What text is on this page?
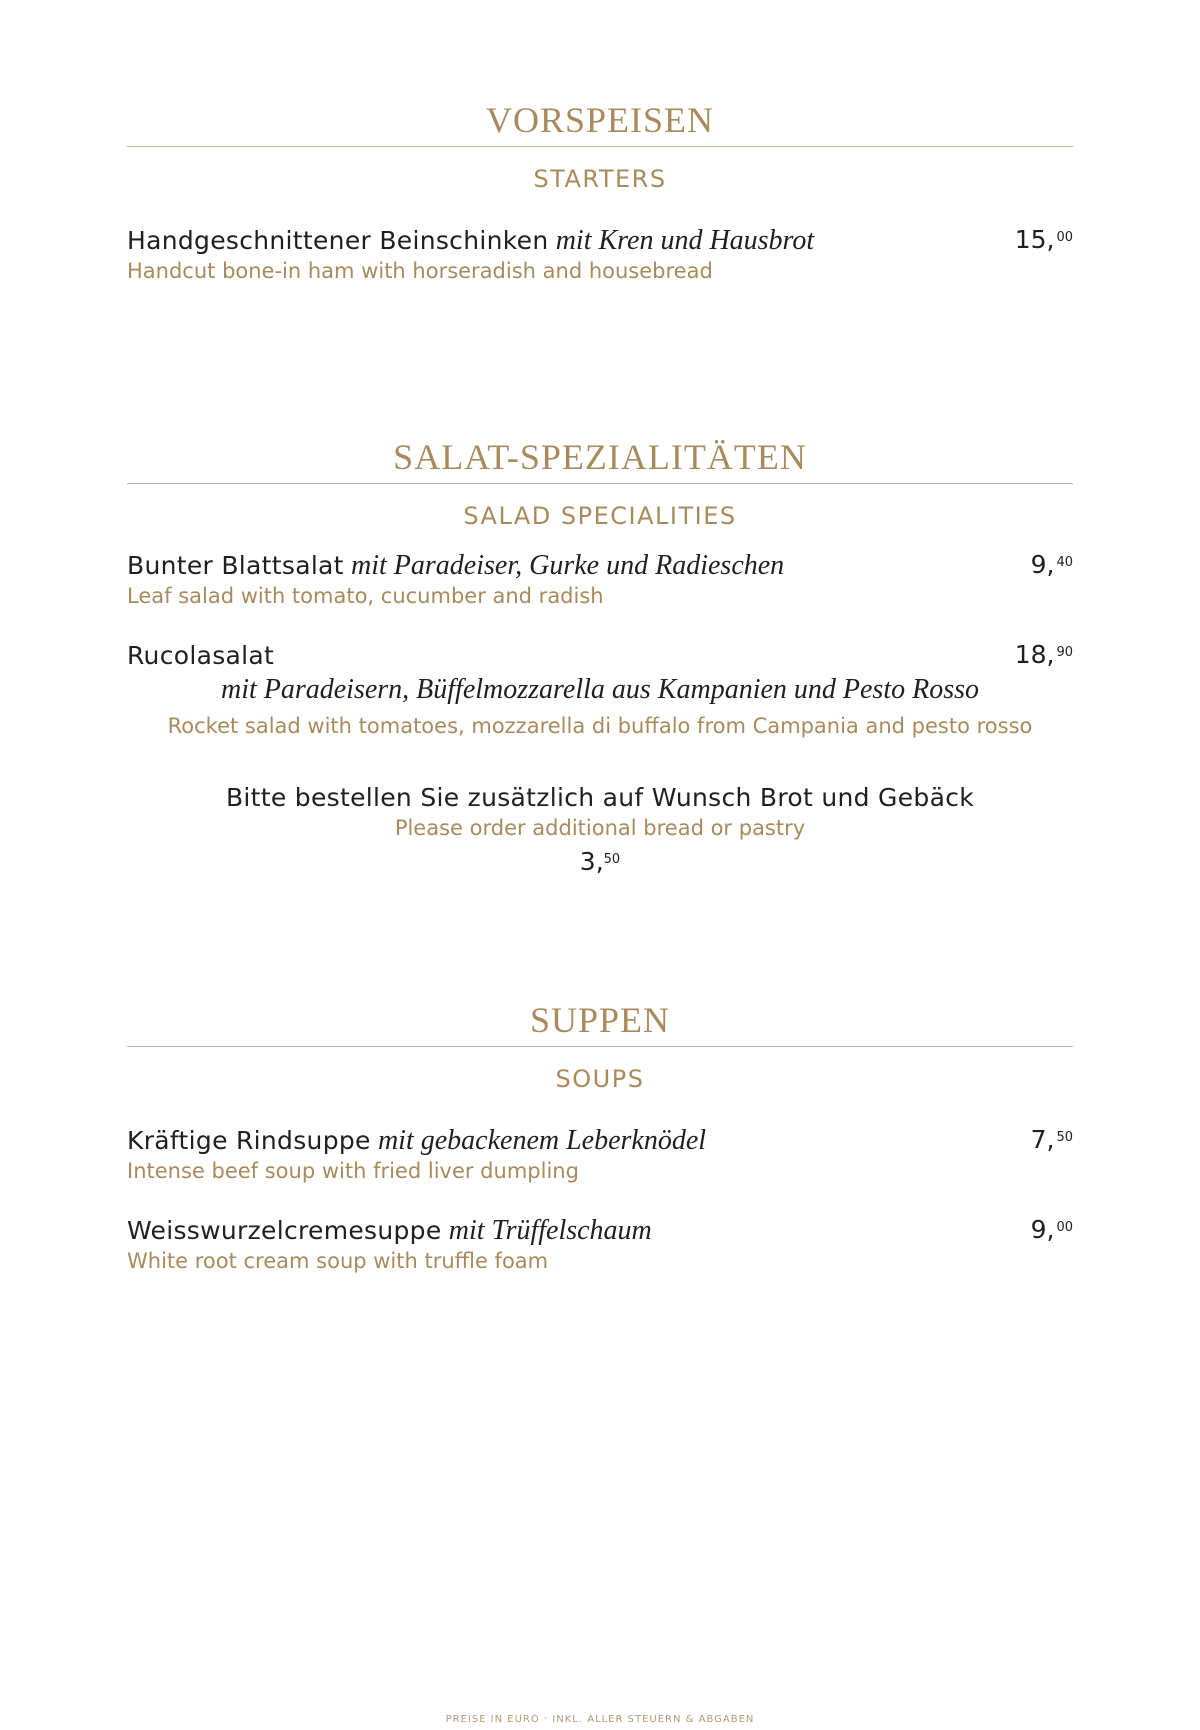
VORSPEISEN
STARTERS
Handgeschnittener Beinschinken mit Kren und Hausbrot	15, $^{00}$
Handcut bone-in ham with horseradish and housebread
SALAT-SPEZIALITÄTEN
SALAD SPECIALITIES
Bunter Blattsalat mit Paradeiser, Gurke und Radieschen	9, $^{40}$
Leaf salad with tomato, cucumber and radish
Rucolasalat	18, $^{90}$
mit Paradeisern, Büffelmozzarella aus Kampanien und Pesto Rosso
Rocket salad with tomatoes, mozzarella di buffalo from Campania and pesto rosso
Bitte bestellen Sie zusätzlich auf Wunsch Brot und Gebäck
Please order additional bread or pastry
3,50
SUPPEN
SOUPS
Kräftige Rindsuppe mit gebackenem Leberknödel	7, $^{50}$
Intense beef soup with fried liver dumpling
Weisswurzelcremesuppe mit Trüffelschaum	9, $^{00}$
White root cream soup with truffle foam
PREISE IN EURO · INKL. ALLER STEUERN & ABGABEN
